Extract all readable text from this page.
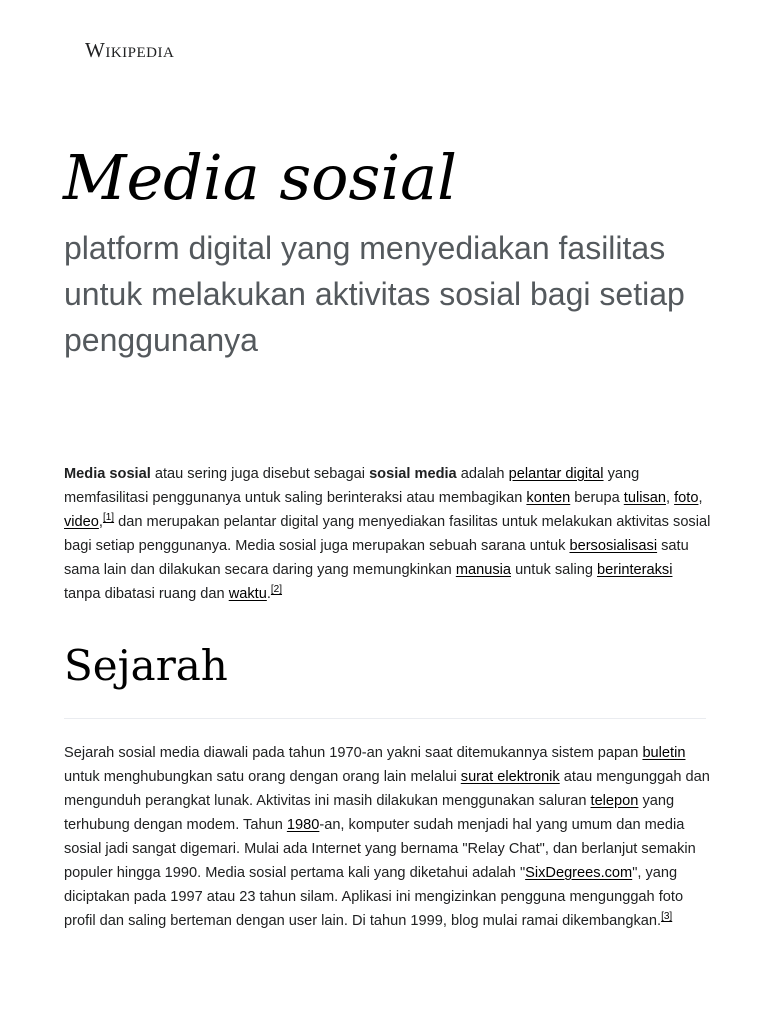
Wikipedia
Media sosial

platform digital yang menyediakan fasilitas untuk melakukan aktivitas sosial bagi setiap penggunanya

Media sosial atau sering juga disebut sebagai sosial media adalah pelantar digital yang memfasilitasi penggunanya untuk saling berinteraksi atau membagikan konten berupa tulisan, foto, video,[1] dan merupakan pelantar digital yang menyediakan fasilitas untuk melakukan aktivitas sosial bagi setiap penggunanya. Media sosial juga merupakan sebuah sarana untuk bersosialisasi satu sama lain dan dilakukan secara daring yang memungkinkan manusia untuk saling berinteraksi tanpa dibatasi ruang dan waktu.[2]

Sejarah

Sejarah sosial media diawali pada tahun 1970-an yakni saat ditemukannya sistem papan buletin untuk menghubungkan satu orang dengan orang lain melalui surat elektronik atau mengunggah dan mengunduh perangkat lunak. Aktivitas ini masih dilakukan menggunakan saluran telepon yang terhubung dengan modem. Tahun 1980-an, komputer sudah menjadi hal yang umum dan media sosial jadi sangat digemari. Mulai ada Internet yang bernama "Relay Chat", dan berlanjut semakin populer hingga 1990. Media sosial pertama kali yang diketahui adalah "SixDegrees.com", yang diciptakan pada 1997 atau 23 tahun silam. Aplikasi ini mengizinkan pengguna mengunggah foto profil dan saling berteman dengan user lain. Di tahun 1999, blog mulai ramai dikembangkan.[3]
